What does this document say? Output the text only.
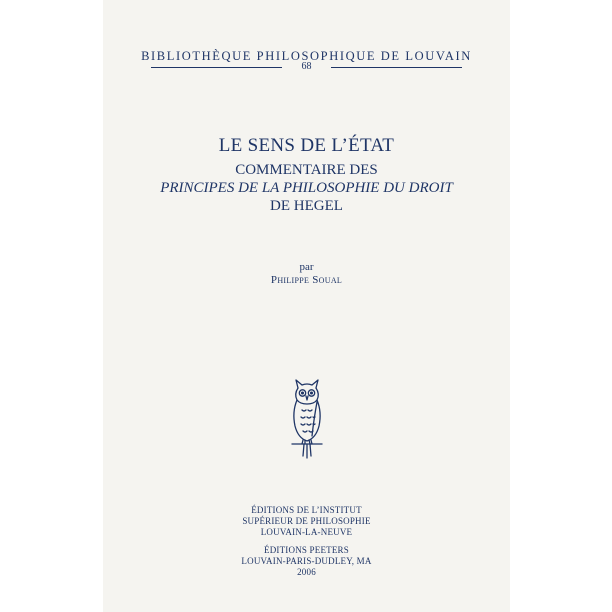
BIBLIOTHÈQUE PHILOSOPHIQUE DE LOUVAIN
68
LE SENS DE L’ÉTAT
COMMENTAIRE DES
PRINCIPES DE LA PHILOSOPHIE DU DROIT
DE HEGEL
par
Philippe Soual
ÉDITIONS DE L’INSTITUT
SUPÉRIEUR DE PHILOSOPHIE
LOUVAIN-LA-NEUVE
ÉDITIONS PEETERS
LOUVAIN-PARIS-DUDLEY, MA
2006
